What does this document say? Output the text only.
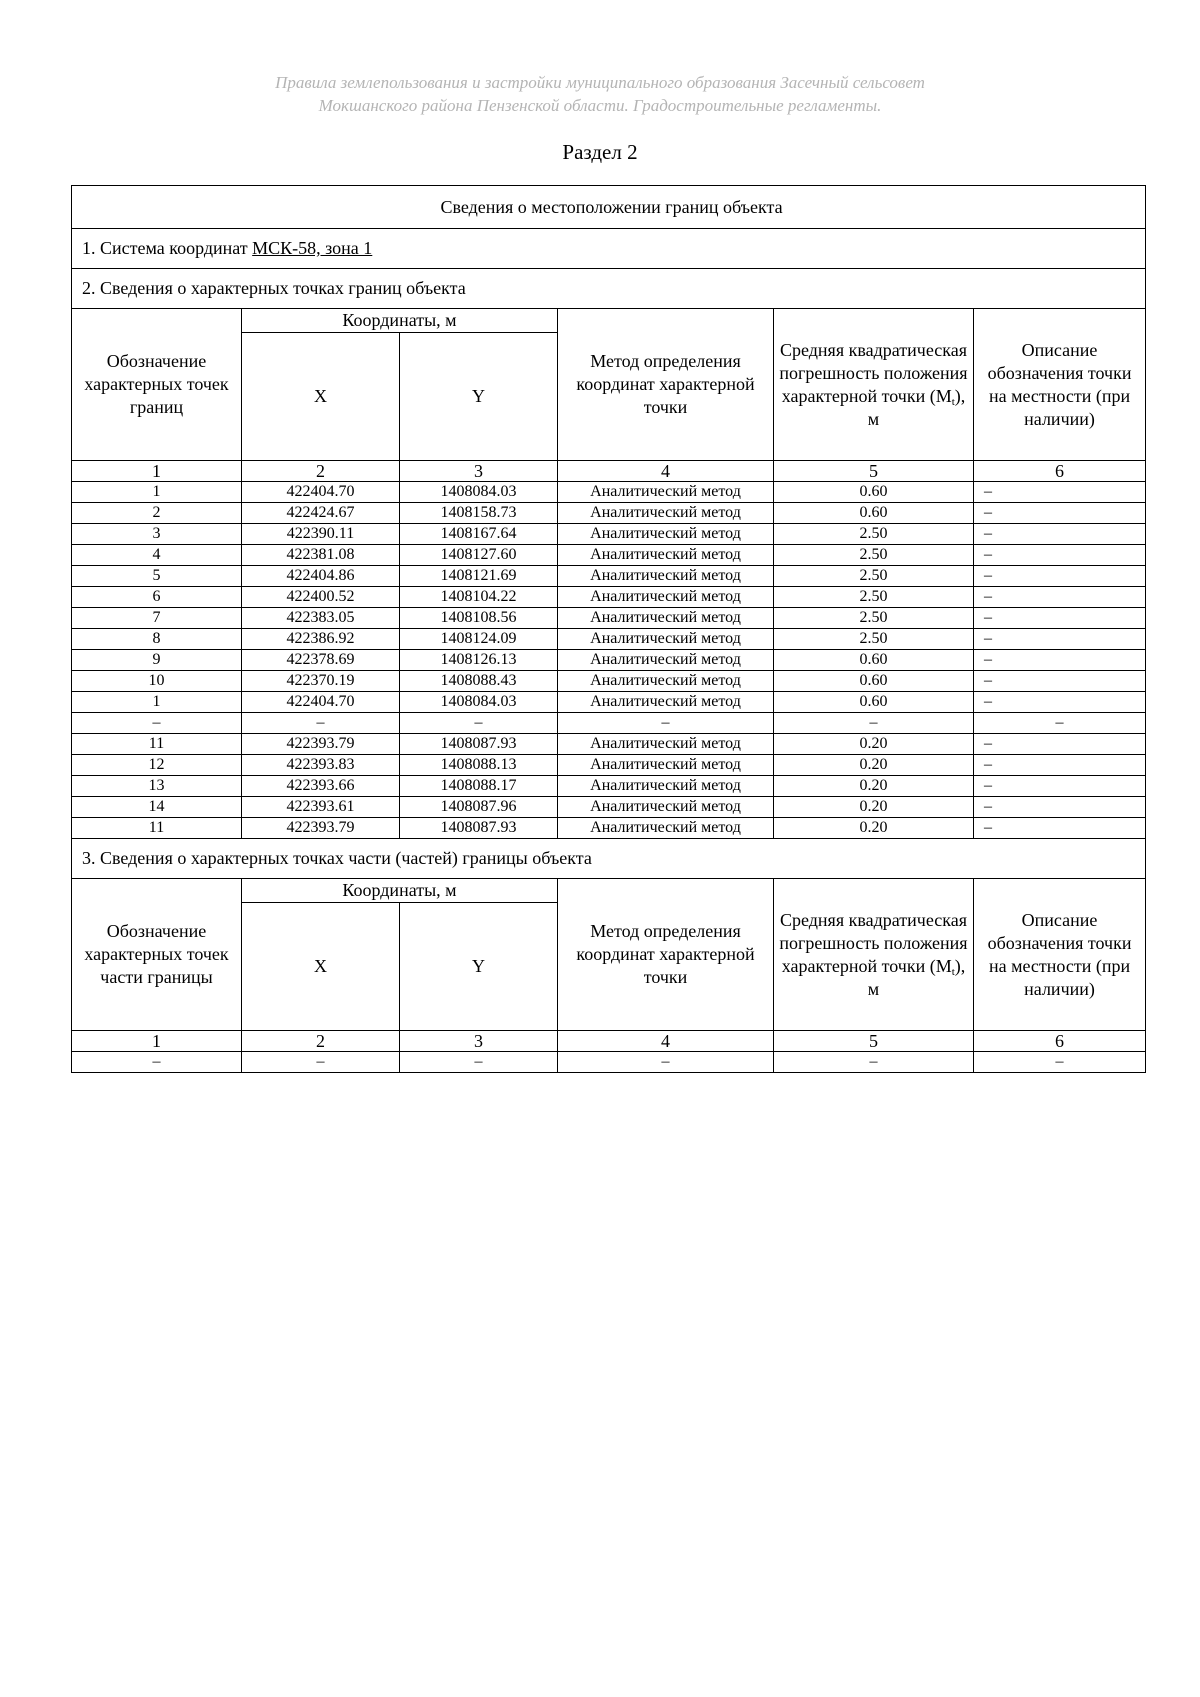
Правила землепользования и застройки муниципального образования Засечный сельсовет
Мокшанского района Пензенской области. Градостроительные регламенты.
Раздел 2
Сведения о местоположении границ объекта					
1. Система координат МСК-58, зона 1					
2. Сведения о характерных точках границ объекта					
Обозначение характерных точек границ	Координаты, м		Метод определения координат характерной точки	Средняя квадратическая погрешность положения характерной точки $(M_t)$, м	Описание обозначения точки на местности (при наличии)
	X	Y			
1	2	3	4	5	6
1	422404.70	1408084.03	Аналитический метод	0.60	–
2	422424.67	1408158.73	Аналитический метод	0.60	–
3	422390.11	1408167.64	Аналитический метод	2.50	–
4	422381.08	1408127.60	Аналитический метод	2.50	–
5	422404.86	1408121.69	Аналитический метод	2.50	–
6	422400.52	1408104.22	Аналитический метод	2.50	–
7	422383.05	1408108.56	Аналитический метод	2.50	–
8	422386.92	1408124.09	Аналитический метод	2.50	–
9	422378.69	1408126.13	Аналитический метод	0.60	–
10	422370.19	1408088.43	Аналитический метод	0.60	–
1	422404.70	1408084.03	Аналитический метод	0.60	–
–	–	–	–	–	–
11	422393.79	1408087.93	Аналитический метод	0.20	–
12	422393.83	1408088.13	Аналитический метод	0.20	–
13	422393.66	1408088.17	Аналитический метод	0.20	–
14	422393.61	1408087.96	Аналитический метод	0.20	–
11	422393.79	1408087.93	Аналитический метод	0.20	–
3. Сведения о характерных точках части (частей) границы объекта					
Обозначение характерных точек части границы	Координаты, м		Метод определения координат характерной точки	Средняя квадратическая погрешность положения характерной точки $(M_t)$, м	Описание обозначения точки на местности (при наличии)
	X	Y			
1	2	3	4	5	6
–	–	–	–	–	–
